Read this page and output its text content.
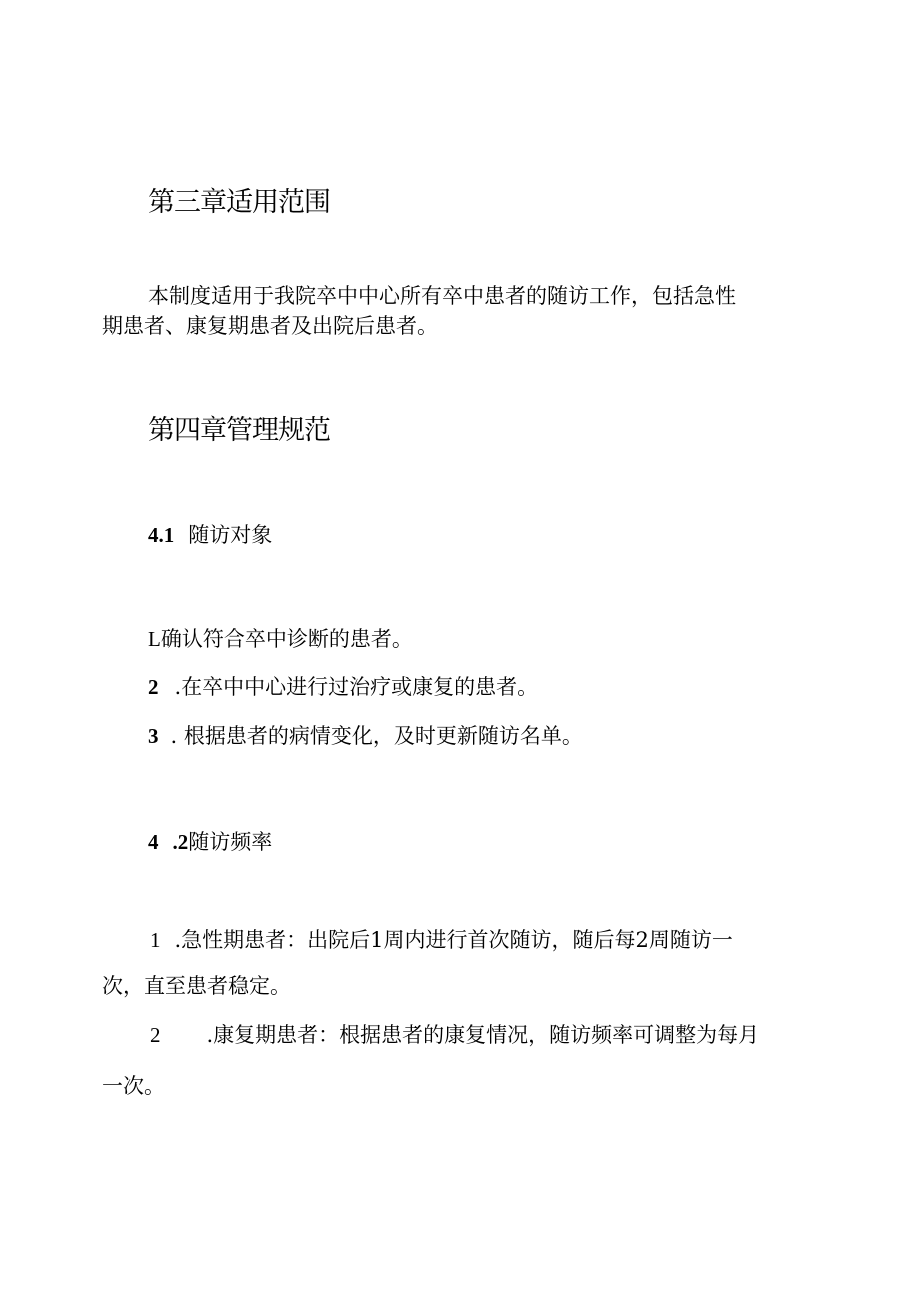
第三章适用范围
本制度适用于我院卒中中心所有卒中患者的随访工作，包括急性
期患者、康复期患者及出院后患者。
第四章管理规范
4.1 随访对象
L确认符合卒中诊断的患者。
2 .在卒中中心进行过治疗或康复的患者。
3 . 根据患者的病情变化，及时更新随访名单。
4 .2随访频率
1 .急性期患者：出院后1周内进行首次随访，随后每2周随访一
次，直至患者稳定。
2 .康复期患者：根据患者的康复情况，随访频率可调整为每月
一次。
